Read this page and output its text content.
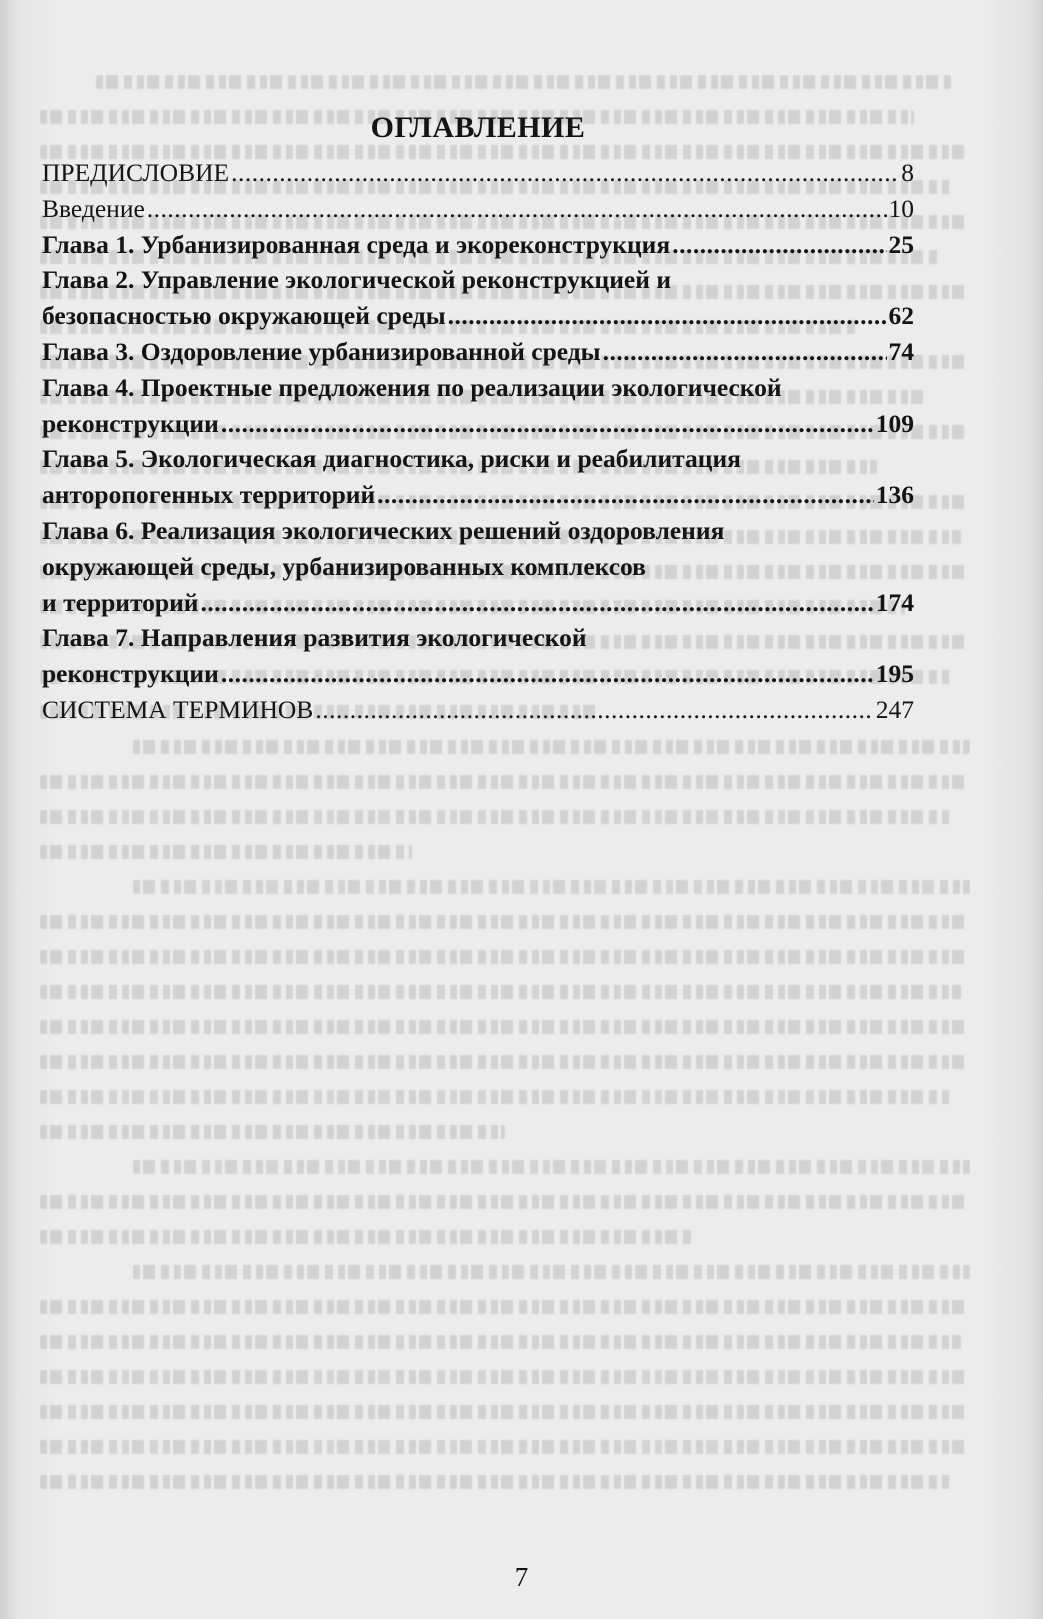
ОГЛАВЛЕНИЕ
ПРЕДИСЛОВИЕ .....	8
Введение .....	10
Глава 1. Урбанизированная среда и экореконструкция .....	25
Глава 2. Управление экологической реконструкцией и
безопасностью окружающей среды .....	62
Глава 3. Оздоровление урбанизированной среды .....	74
Глава 4. Проектные предложения по реализации экологической
реконструкции .....	109
Глава 5. Экологическая диагностика, риски и реабилитация
анторопогенных территорий .....	136
Глава 6. Реализация экологических решений оздоровления
окружающей среды, урбанизированных комплексов
и территорий .....	174
Глава 7. Направления развития экологической
реконструкции .....	195
СИСТЕМА ТЕРМИНОВ .....	247
7
